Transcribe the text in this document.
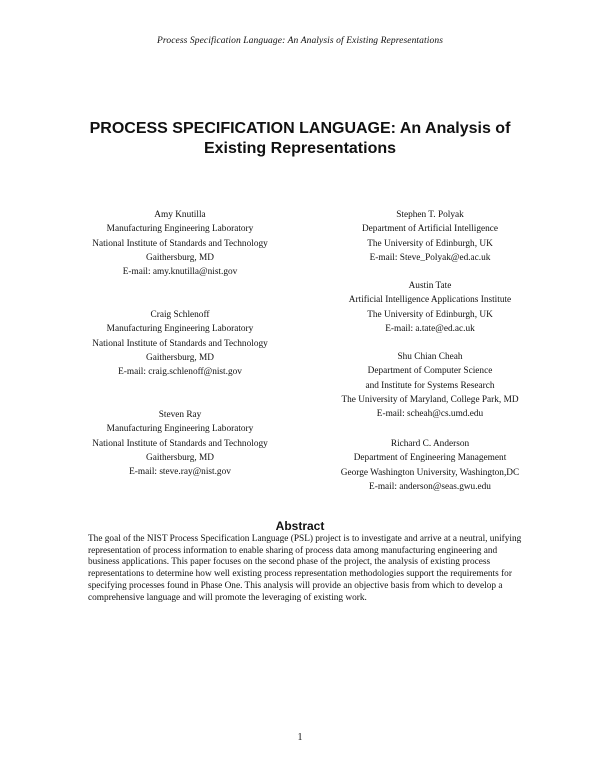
Process Specification Language: An Analysis of Existing Representations
PROCESS SPECIFICATION LANGUAGE: An Analysis of Existing Representations
Amy Knutilla
Manufacturing Engineering Laboratory
National Institute of Standards and Technology
Gaithersburg, MD
E-mail: amy.knutilla@nist.gov
Craig Schlenoff
Manufacturing Engineering Laboratory
National Institute of Standards and Technology
Gaithersburg, MD
E-mail: craig.schlenoff@nist.gov
Steven Ray
Manufacturing Engineering Laboratory
National Institute of Standards and Technology
Gaithersburg, MD
E-mail: steve.ray@nist.gov
Stephen T. Polyak
Department of Artificial Intelligence
The University of Edinburgh, UK
E-mail: Steve_Polyak@ed.ac.uk
Austin Tate
Artificial Intelligence Applications Institute
The University of Edinburgh, UK
E-mail: a.tate@ed.ac.uk
Shu Chian Cheah
Department of Computer Science
and Institute for Systems Research
The University of Maryland, College Park, MD
E-mail: scheah@cs.umd.edu
Richard C. Anderson
Department of Engineering Management
George Washington University, Washington,DC
E-mail: anderson@seas.gwu.edu
Abstract

The goal of the NIST Process Specification Language (PSL) project is to investigate and arrive at a neutral, unifying representation of process information to enable sharing of process data among manufacturing engineering and business applications. This paper focuses on the second phase of the project, the analysis of existing process representations to determine how well existing process representation methodologies support the requirements for specifying processes found in Phase One. This analysis will provide an objective basis from which to develop a comprehensive language and will promote the leveraging of existing work.

1
